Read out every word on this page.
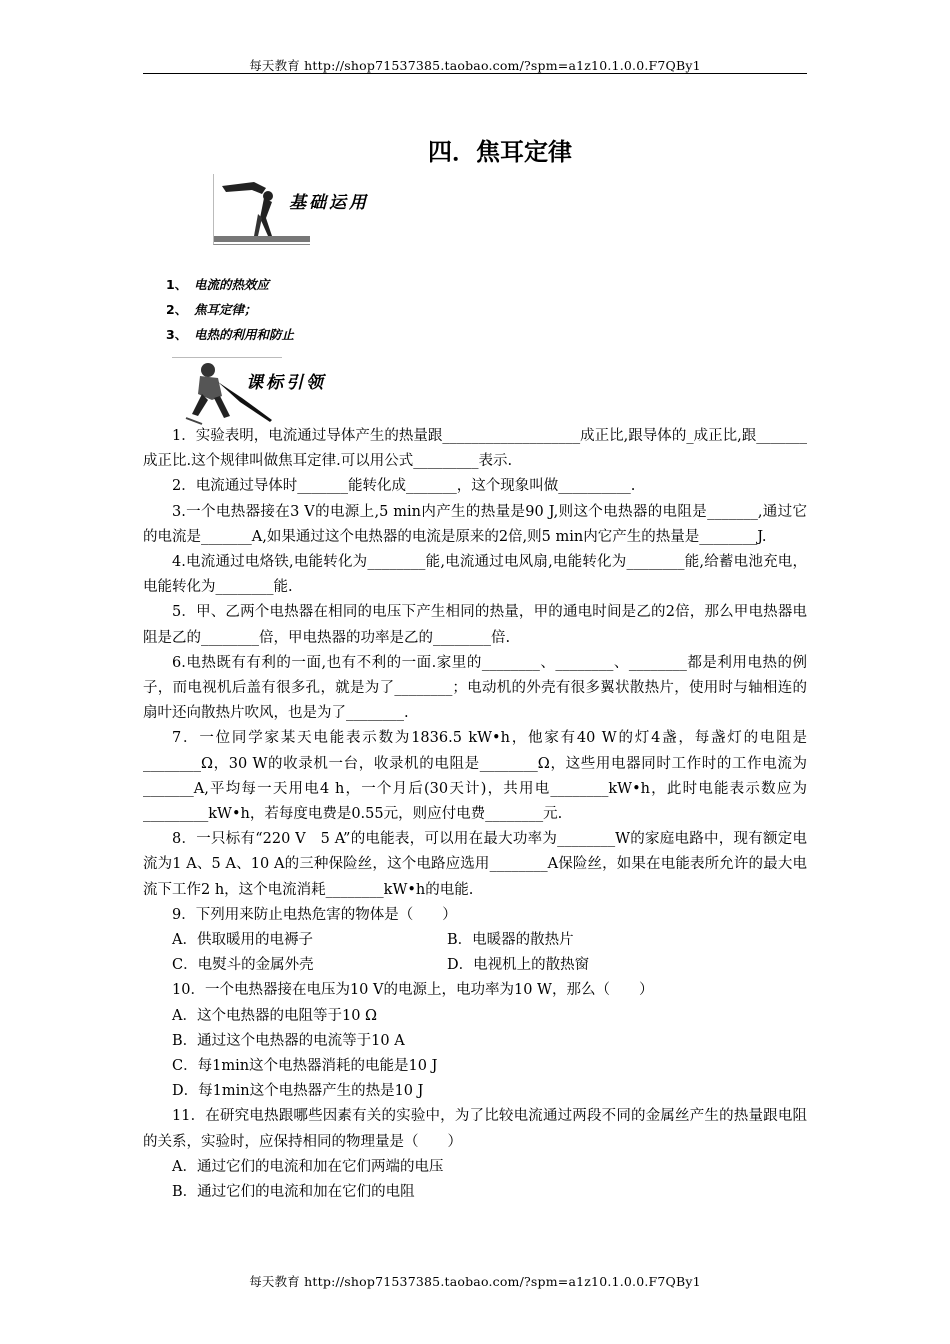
每天教育 http://shop71537385.taobao.com/?spm=a1z10.1.0.0.F7QBy1
四．焦耳定律
基础运用
1、 电流的热效应
2、 焦耳定律；
3、 电热的利用和防止
课标引领

1．实验表明，电流通过导体产生的热量跟___________________成正比,跟导体的_成正比,跟_______成正比.这个规律叫做焦耳定律.可以用公式_________表示.

2．电流通过导体时_______能转化成_______，这个现象叫做__________.

3.一个电热器接在3 V的电源上,5 min内产生的热量是90 J,则这个电热器的电阻是_______,通过它的电流是_______A,如果通过这个电热器的电流是原来的2倍,则5 min内它产生的热量是________J.

4.电流通过电烙铁,电能转化为________能,电流通过电风扇,电能转化为________能,给蓄电池充电，电能转化为________能.

5．甲、乙两个电热器在相同的电压下产生相同的热量，甲的通电时间是乙的2倍，那么甲电热器电阻是乙的________倍，甲电热器的功率是乙的________倍.

6.电热既有有利的一面,也有不利的一面.家里的________、________、________都是利用电热的例子，而电视机后盖有很多孔，就是为了________；电动机的外壳有很多翼状散热片，使用时与轴相连的扇叶还向散热片吹风，也是为了________.

7．一位同学家某天电能表示数为1836.5 kW•h，他家有40 W的灯4盏，每盏灯的电阻是________Ω，30 W的收录机一台，收录机的电阻是________Ω，这些用电器同时工作时的工作电流为_______A,平均每一天用电4 h，一个月后(30天计)，共用电________kW•h，此时电能表示数应为_________kW•h，若每度电费是0.55元，则应付电费________元.

8．一只标有“220 V　5 A”的电能表，可以用在最大功率为________W的家庭电路中，现有额定电流为1 A、5 A、10 A的三种保险丝，这个电路应选用________A保险丝，如果在电能表所允许的最大电流下工作2 h，这个电流消耗________kW•h的电能.

9．下列用来防止电热危害的物体是（　　）

A．供取暖用的电褥子	B．电暖器的散热片
C．电熨斗的金属外壳	D．电视机上的散热窗

10．一个电热器接在电压为10 V的电源上，电功率为10 W，那么（　　）

A．这个电热器的电阻等于10 Ω

B．通过这个电热器的电流等于10 A

C．每1min这个电热器消耗的电能是10 J

D．每1min这个电热器产生的热是10 J

11．在研究电热跟哪些因素有关的实验中，为了比较电流通过两段不同的金属丝产生的热量跟电阻的关系，实验时，应保持相同的物理量是（　　）

A．通过它们的电流和加在它们两端的电压

B．通过它们的电流和加在它们的电阻

每天教育 http://shop71537385.taobao.com/?spm=a1z10.1.0.0.F7QBy1
